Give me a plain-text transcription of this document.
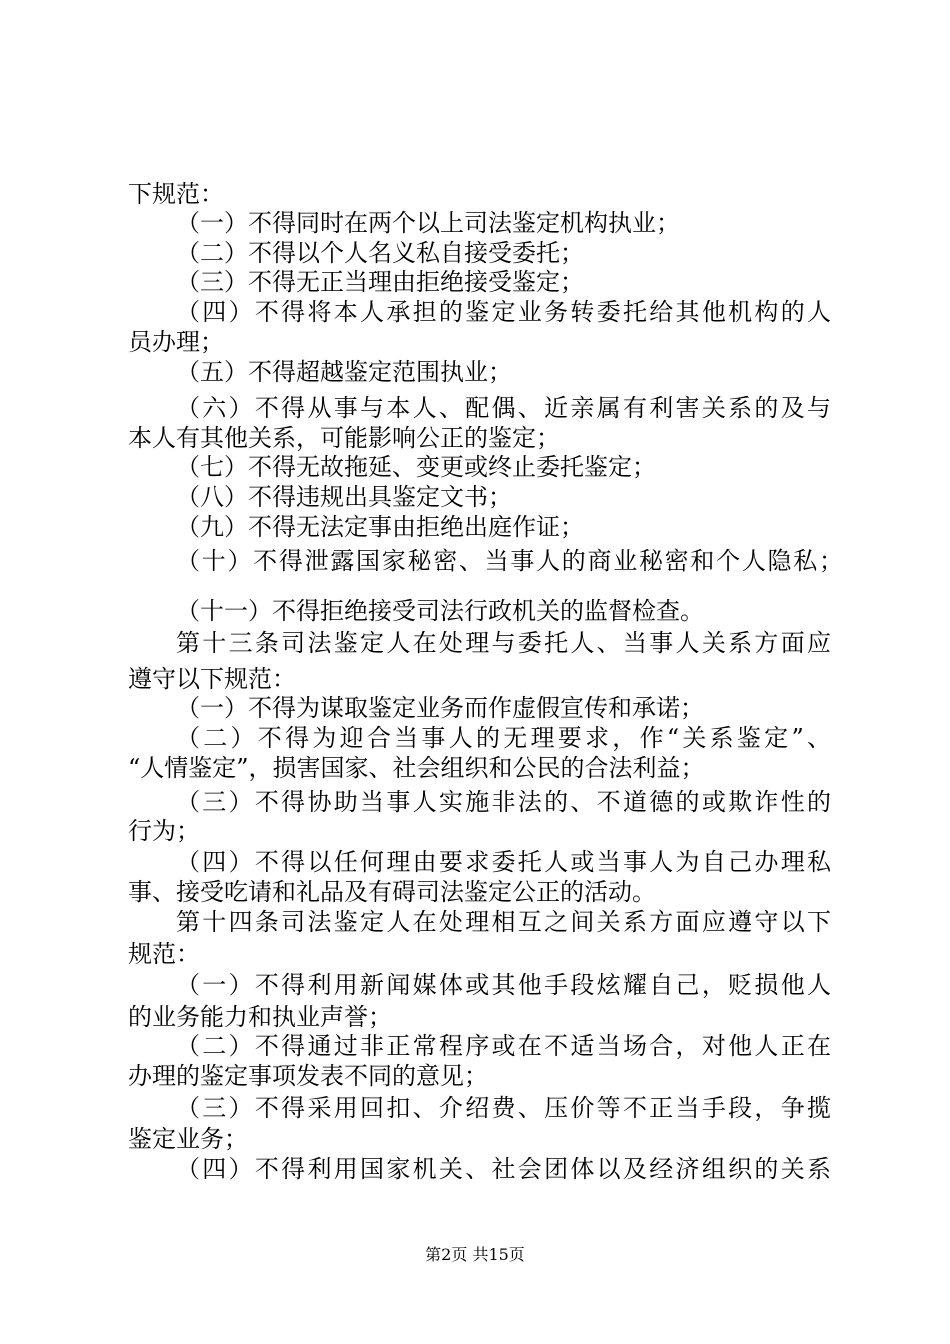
下规范：
（一）不得同时在两个以上司法鉴定机构执业；
（二）不得以个人名义私自接受委托；
（三）不得无正当理由拒绝接受鉴定；
（四）不得将本人承担的鉴定业务转委托给其他机构的人
员办理；
（五）不得超越鉴定范围执业；
（六）不得从事与本人、配偶、近亲属有利害关系的及与
本人有其他关系，可能影响公正的鉴定；
（七）不得无故拖延、变更或终止委托鉴定；
（八）不得违规出具鉴定文书；
（九）不得无法定事由拒绝出庭作证；
（十）不得泄露国家秘密、当事人的商业秘密和个人隐私；
（十一）不得拒绝接受司法行政机关的监督检查。
第十三条司法鉴定人在处理与委托人、当事人关系方面应
遵守以下规范：
（一）不得为谋取鉴定业务而作虚假宣传和承诺；
（二）不得为迎合当事人的无理要求，作“关系鉴定”、
“人情鉴定”，损害国家、社会组织和公民的合法利益；
（三）不得协助当事人实施非法的、不道德的或欺诈性的
行为；
（四）不得以任何理由要求委托人或当事人为自己办理私
事、接受吃请和礼品及有碍司法鉴定公正的活动。
第十四条司法鉴定人在处理相互之间关系方面应遵守以下
规范：
（一）不得利用新闻媒体或其他手段炫耀自己，贬损他人
的业务能力和执业声誉；
（二）不得通过非正常程序或在不适当场合，对他人正在
办理的鉴定事项发表不同的意见；
（三）不得采用回扣、介绍费、压价等不正当手段，争揽
鉴定业务；
（四）不得利用国家机关、社会团体以及经济组织的关系
第2页 共15页
